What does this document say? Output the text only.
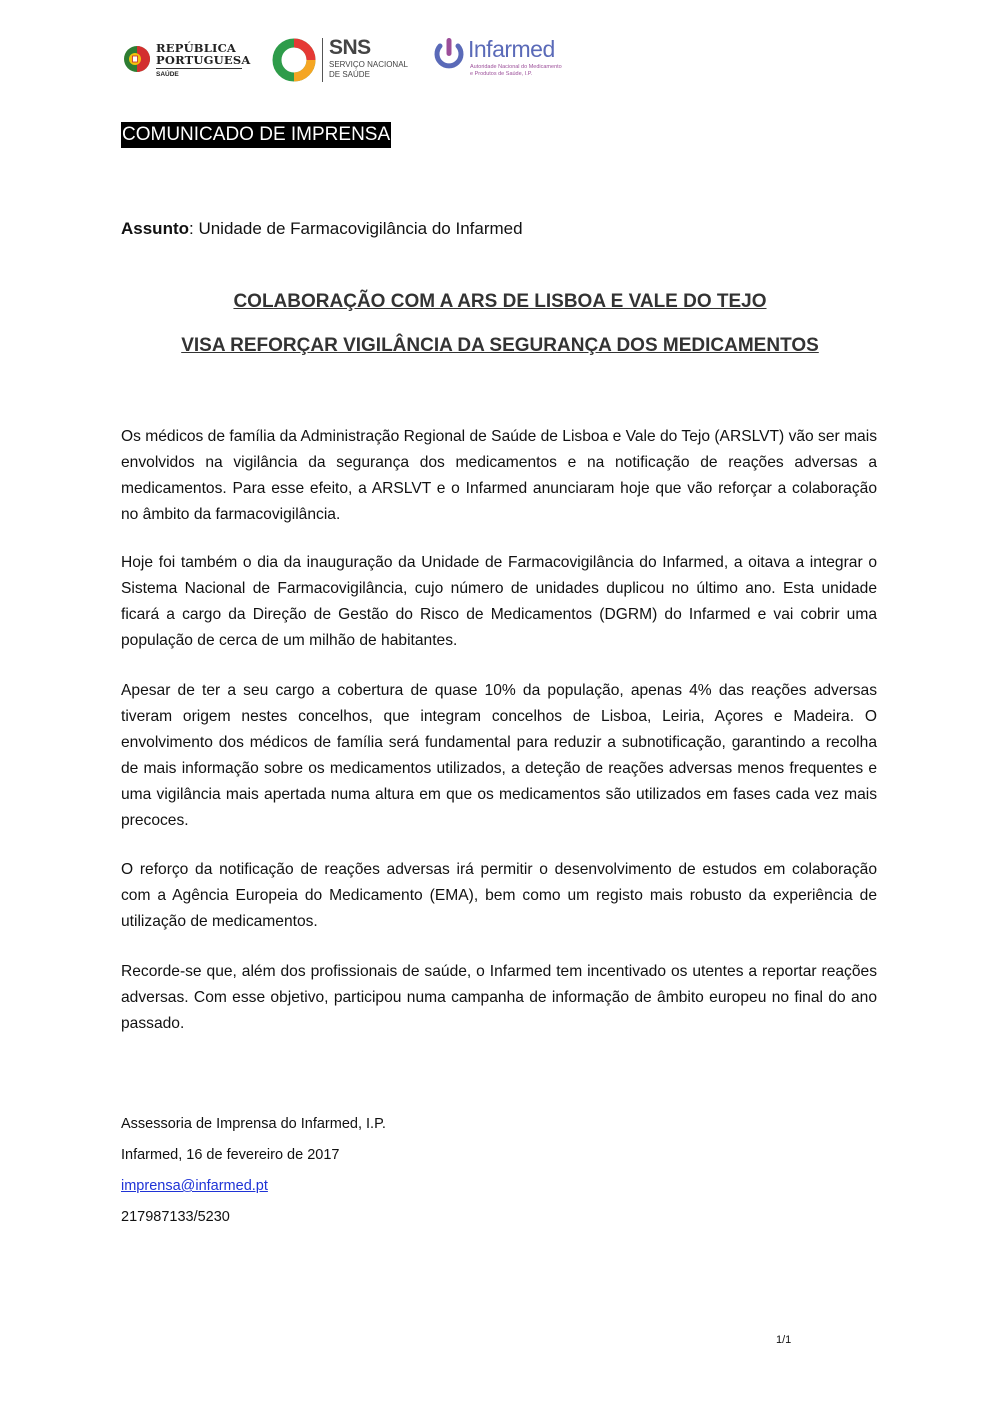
REPÚBLICA
PORTUGUESA
SAÚDE
SNS
SERVIÇO NACIONAL
DE SAÚDE
Infarmed
Autoridade Nacional do Medicamento
e Produtos de Saúde, I.P.
COMUNICADO DE IMPRENSA
Assunto: Unidade de Farmacovigilância do Infarmed
COLABORAÇÃO COM A ARS DE LISBOA E VALE DO TEJO
VISA REFORÇAR VIGILÂNCIA DA SEGURANÇA DOS MEDICAMENTOS

Os médicos de família da Administração Regional de Saúde de Lisboa e Vale do Tejo (ARSLVT) vão ser mais envolvidos na vigilância da segurança dos medicamentos e na notificação de reações adversas a medicamentos. Para esse efeito, a ARSLVT e o Infarmed anunciaram hoje que vão reforçar a colaboração no âmbito da farmacovigilância.

Hoje foi também o dia da inauguração da Unidade de Farmacovigilância do Infarmed, a oitava a integrar o Sistema Nacional de Farmacovigilância, cujo número de unidades duplicou no último ano. Esta unidade ficará a cargo da Direção de Gestão do Risco de Medicamentos (DGRM) do Infarmed e vai cobrir uma população de cerca de um milhão de habitantes.

Apesar de ter a seu cargo a cobertura de quase 10% da população, apenas 4% das reações adversas tiveram origem nestes concelhos, que integram concelhos de Lisboa, Leiria, Açores e Madeira. O envolvimento dos médicos de família será fundamental para reduzir a subnotificação, garantindo a recolha de mais informação sobre os medicamentos utilizados, a deteção de reações adversas menos frequentes e uma vigilância mais apertada numa altura em que os medicamentos são utilizados em fases cada vez mais precoces.

O reforço da notificação de reações adversas irá permitir o desenvolvimento de estudos em colaboração com a Agência Europeia do Medicamento (EMA), bem como um registo mais robusto da experiência de utilização de medicamentos.

Recorde-se que, além dos profissionais de saúde, o Infarmed tem incentivado os utentes a reportar reações adversas. Com esse objetivo, participou numa campanha de informação de âmbito europeu no final do ano passado.

Assessoria de Imprensa do Infarmed, I.P.
Infarmed, 16 de fevereiro de 2017
imprensa@infarmed.pt
217987133/5230
1/1
